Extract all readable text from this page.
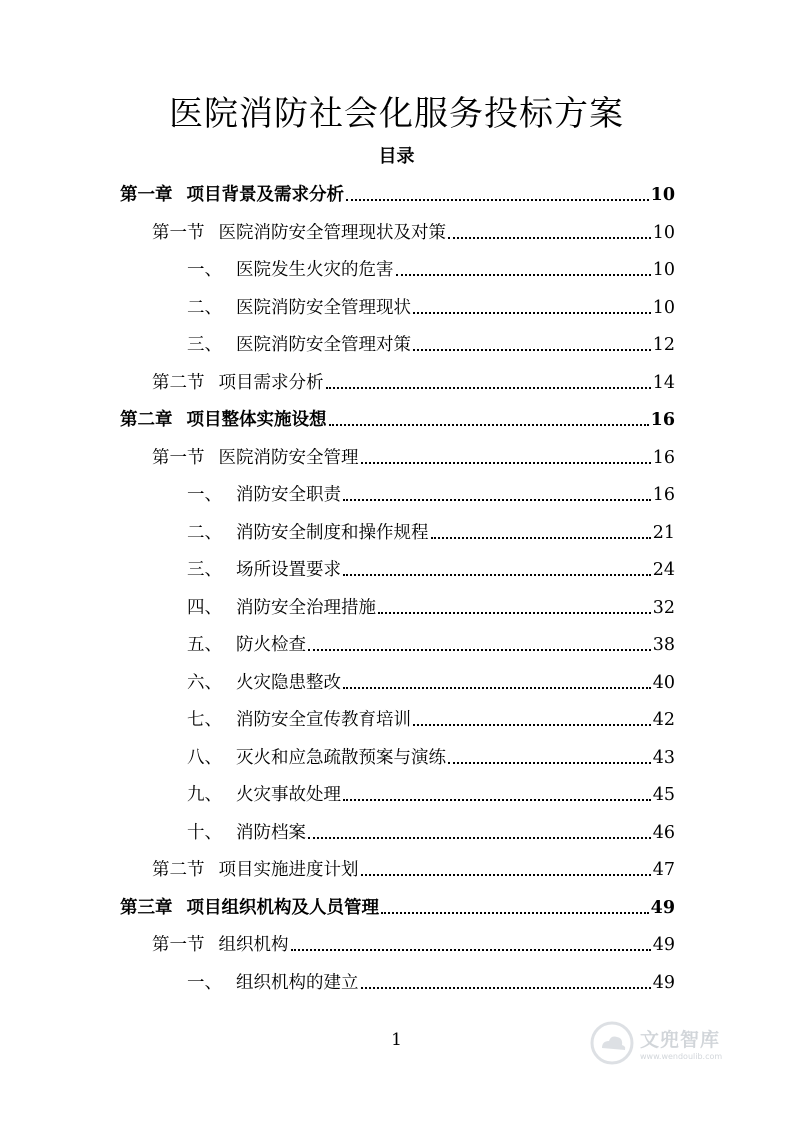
医院消防社会化服务投标方案
目录
第一章 项目背景及需求分析	10
第一节 医院消防安全管理现状及对策	10
一、 医院发生火灾的危害	10
二、 医院消防安全管理现状	10
三、 医院消防安全管理对策	12
第二节 项目需求分析	14
第二章 项目整体实施设想	16
第一节 医院消防安全管理	16
一、 消防安全职责	16
二、 消防安全制度和操作规程	21
三、 场所设置要求	24
四、 消防安全治理措施	32
五、 防火检查	38
六、 火灾隐患整改	40
七、 消防安全宣传教育培训	42
八、 灭火和应急疏散预案与演练	43
九、 火灾事故处理	45
十、 消防档案	46
第二节 项目实施进度计划	47
第三章 项目组织机构及人员管理	49
第一节 组织机构	49
一、 组织机构的建立	49
1	文兜智库
www.wendoulib.com
